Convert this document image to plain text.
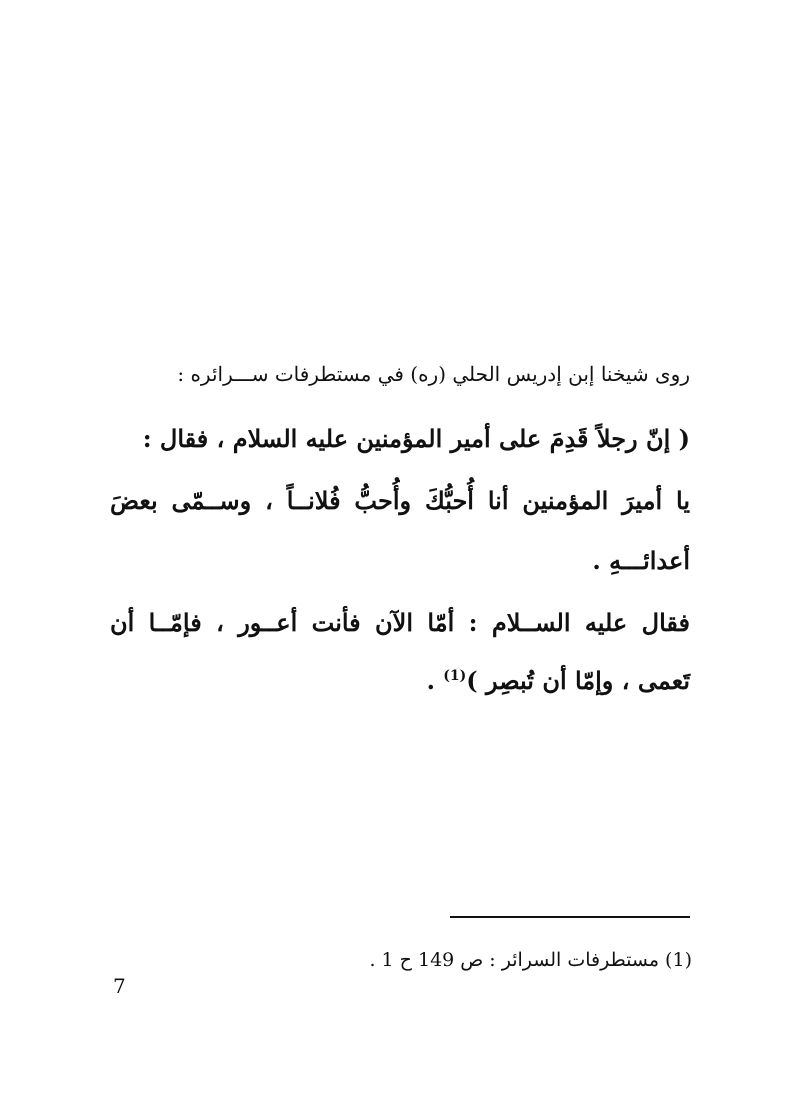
روى شيخنا إبن إدريس الحلي (ره) في مستطرفات ســـرائره :

( إنّ رجلاً قَدِمَ على أمير المؤمنين عليه السلام ، فقال :

يا أميرَ المؤمنين أنا أُحبُّكَ وأُحبُّ فُلانــاً ، وســمّى بعضَ

أعدائـــهِ .

فقال عليه الســلام : أمّا الآن فأنت أعــور ، فإمّــا أن

تَعمى ، وإمّا أن تُبصِر )$^{(1)}$ .

(1) مستطرفات السرائر : ص 149 ح 1 .

7
